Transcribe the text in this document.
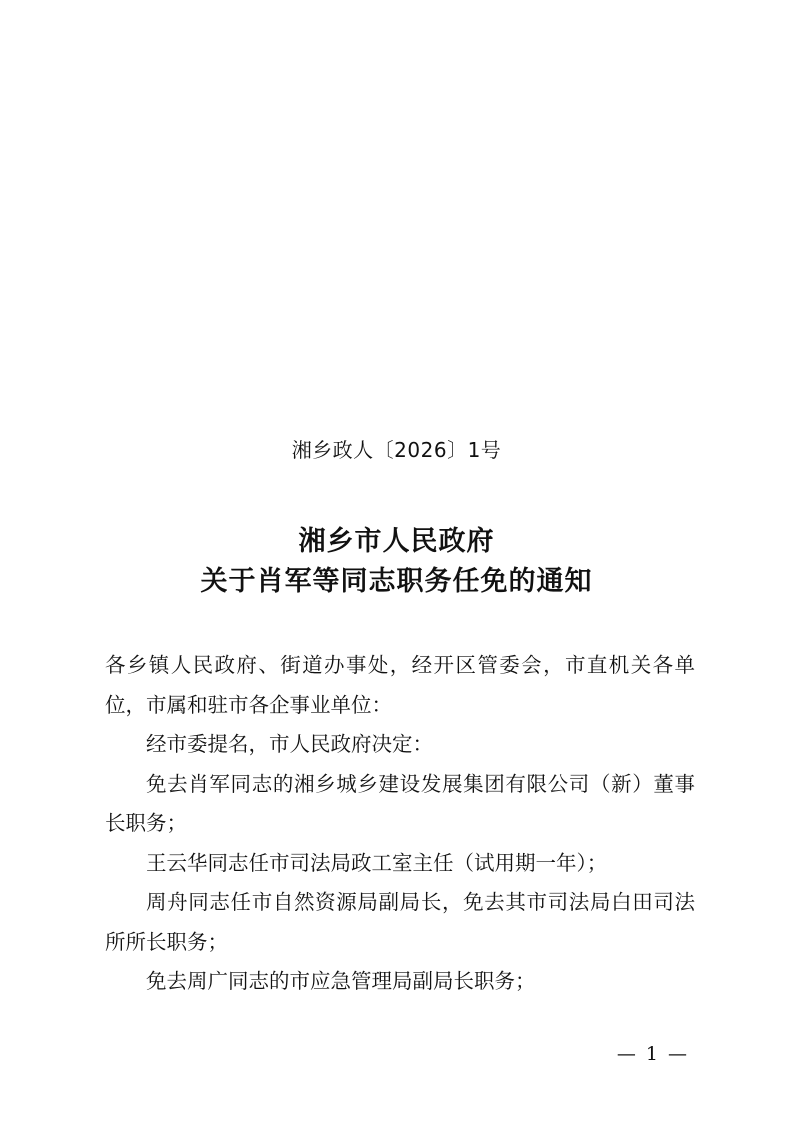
湘乡政人〔2026〕1号
湘乡市人民政府
关于肖军等同志职务任免的通知

各乡镇人民政府、街道办事处，经开区管委会，市直机关各单位，市属和驻市各企事业单位：

经市委提名，市人民政府决定：

免去肖军同志的湘乡城乡建设发展集团有限公司（新）董事长职务；

王云华同志任市司法局政工室主任（试用期一年）；

周舟同志任市自然资源局副局长，免去其市司法局白田司法所所长职务；

免去周广同志的市应急管理局副局长职务；

— 1 —
